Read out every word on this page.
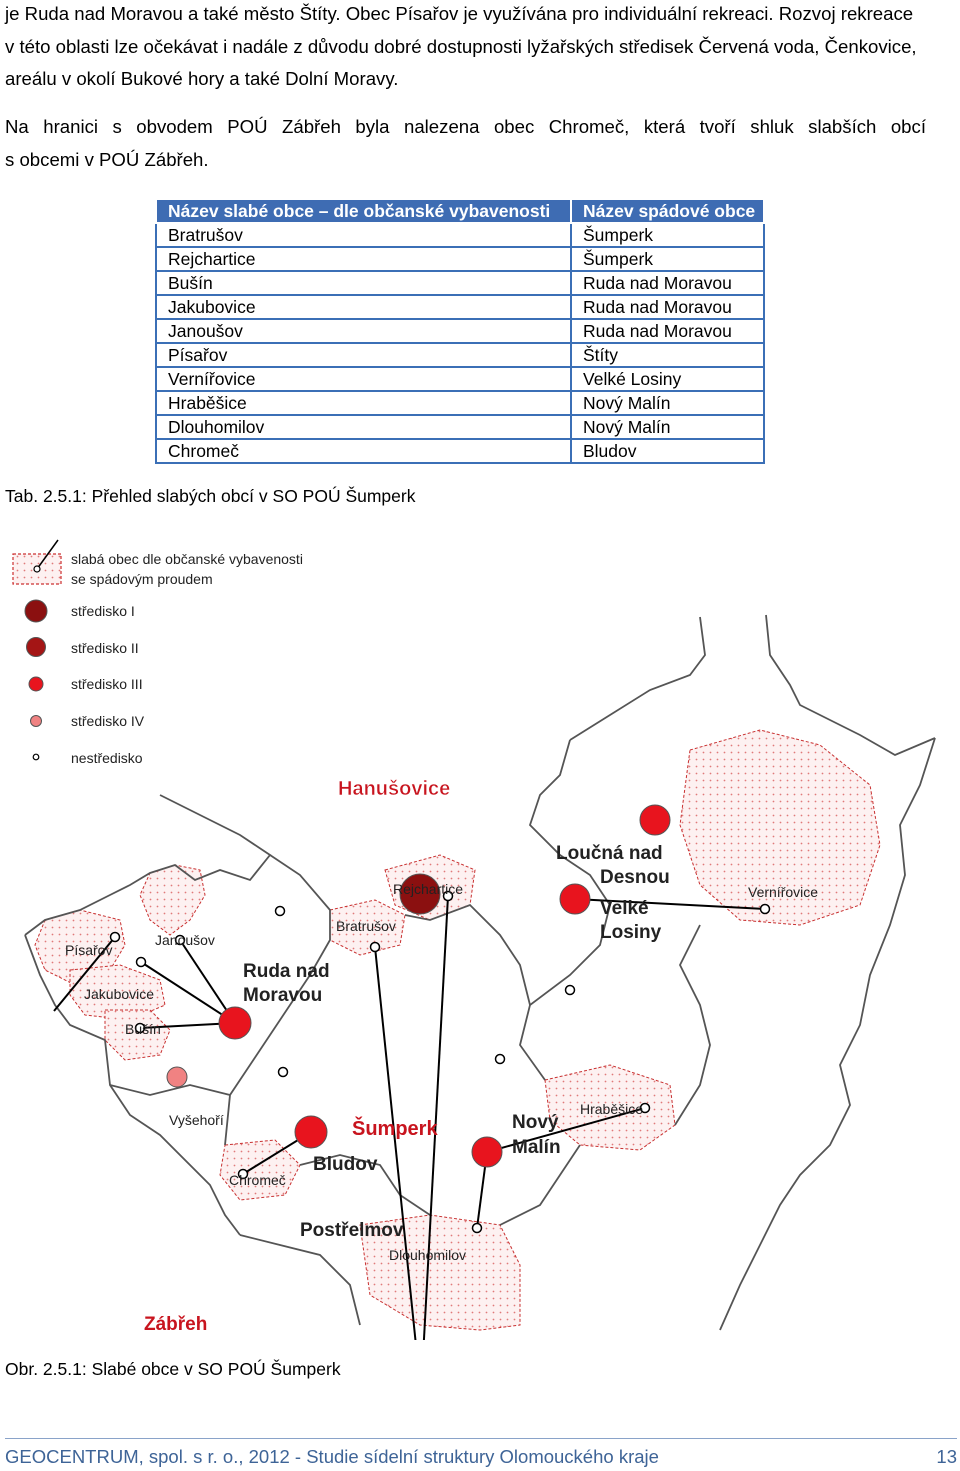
je Ruda nad Moravou a také město Štíty. Obec Písařov je využívána pro individuální rekreaci. Rozvoj rekreace v této oblasti lze očekávat i nadále z důvodu dobré dostupnosti lyžařských středisek Červená voda, Čenkovice, areálu v okolí Bukové hory a také Dolní Moravy.
Na hranici s obvodem POÚ Zábřeh byla nalezena obec Chromeč, která tvoří shluk slabších obcí
s obcemi v POÚ Zábřeh.
Název slabé obce – dle občanské vybavenosti	Název spádové obce
Bratrušov	Šumperk
Rejchartice	Šumperk
Bušín	Ruda nad Moravou
Jakubovice	Ruda nad Moravou
Janoušov	Ruda nad Moravou
Písařov	Štíty
Vernířovice	Velké Losiny
Hraběšice	Nový Malín
Dlouhomilov	Nový Malín
Chromeč	Bludov
Tab. 2.5.1: Přehled slabých obcí v SO POÚ Šumperk
slabá obec dle občanské vybavenosti
se spádovým proudem
středisko I
středisko II
středisko III
středisko IV
nestředisko
Hanušovice
Loučná nad
Desnou
Velké
Losiny
Ruda nad
Moravou
Šumperk	Nový
Malín
Bludov
Postřelmov
Zábřeh
Vernířovice
Rejchartice
Bratrušov
Janoušov
Písařov
Jakubovice
Bušín
Vyšehoří
Hraběšice
Chromeč
Dlouhomilov
Obr. 2.5.1: Slabé obce v SO POÚ Šumperk
GEOCENTRUM, spol. s r. o., 2012 - Studie sídelní struktury Olomouckého kraje	13
